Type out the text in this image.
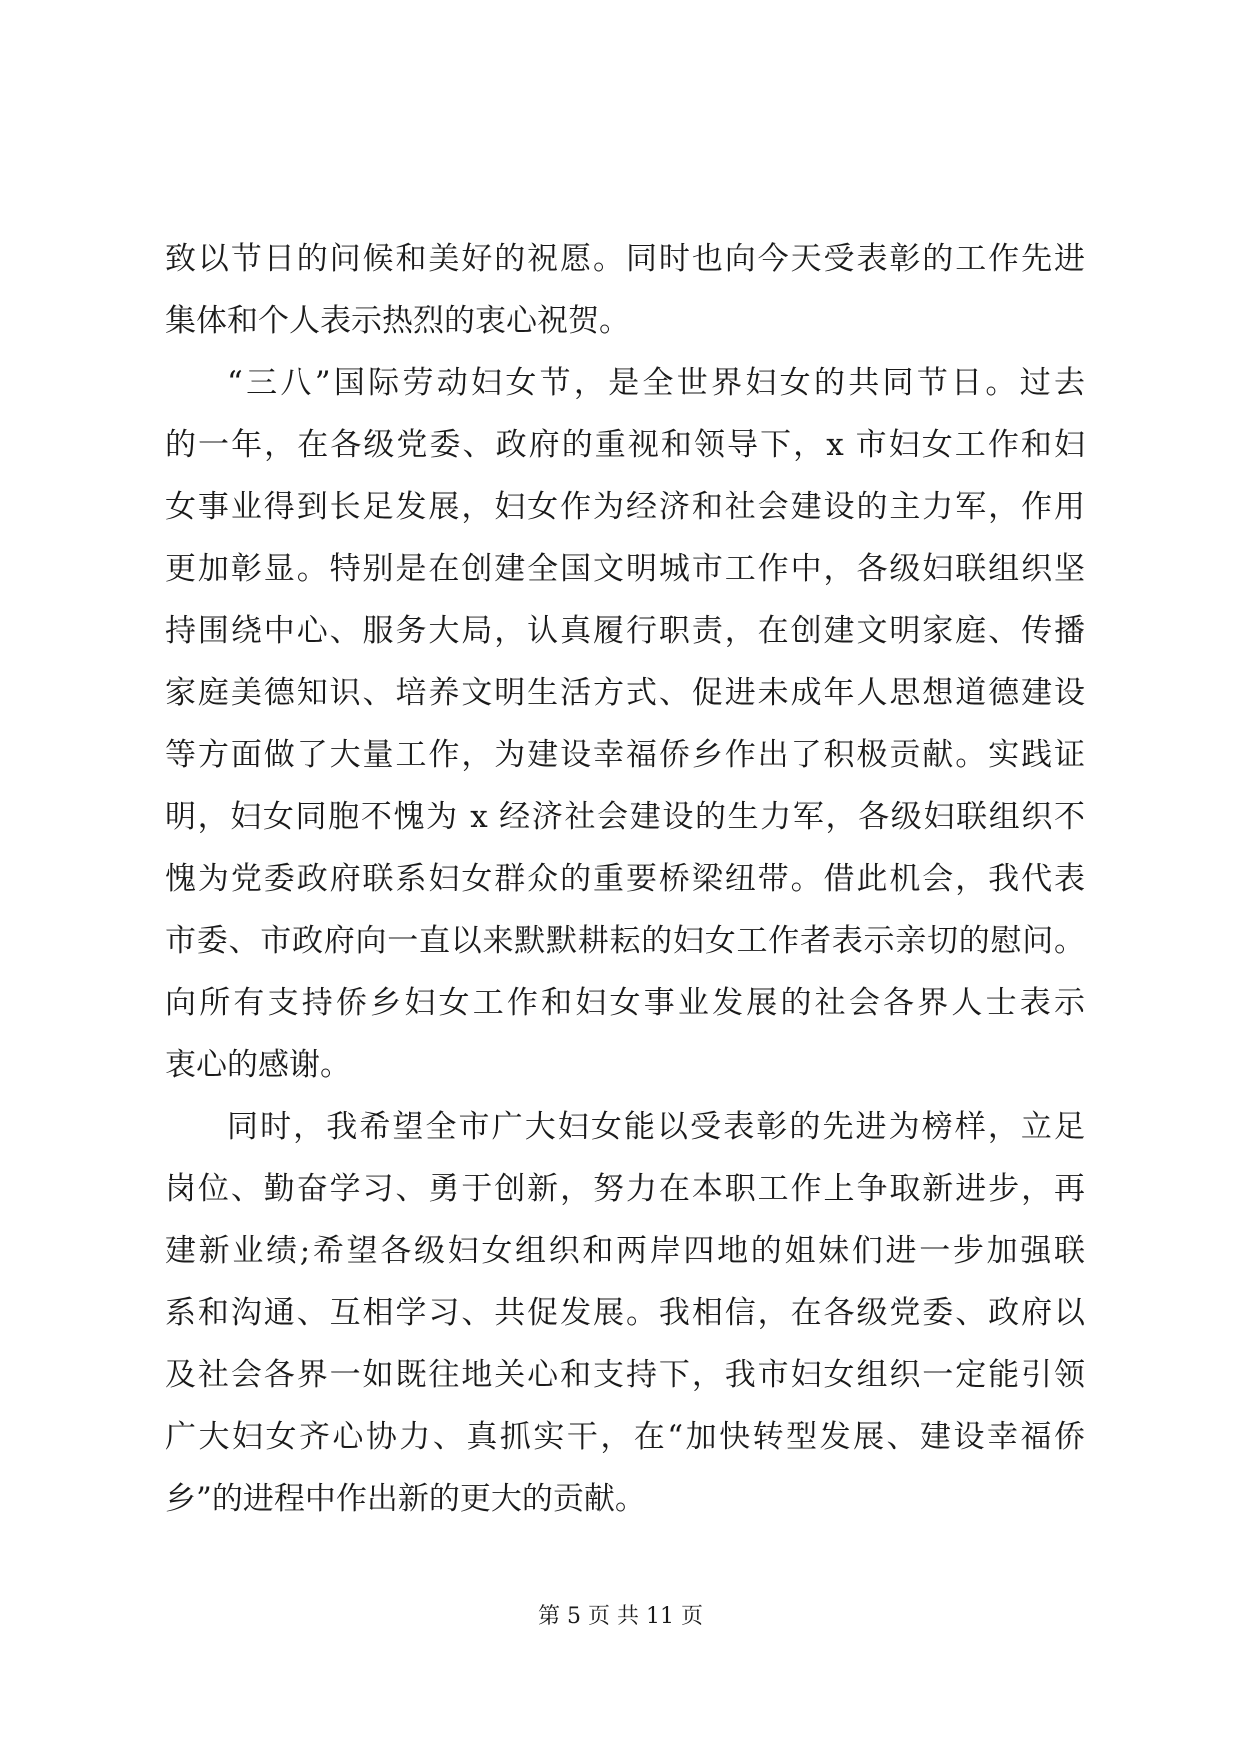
致以节日的问候和美好的祝愿。同时也向今天受表彰的工作先进
集体和个人表示热烈的衷心祝贺。
“三八”国际劳动妇女节，是全世界妇女的共同节日。过去
的一年，在各级党委、政府的重视和领导下，x 市妇女工作和妇
女事业得到长足发展，妇女作为经济和社会建设的主力军，作用
更加彰显。特别是在创建全国文明城市工作中，各级妇联组织坚
持围绕中心、服务大局，认真履行职责，在创建文明家庭、传播
家庭美德知识、培养文明生活方式、促进未成年人思想道德建设
等方面做了大量工作，为建设幸福侨乡作出了积极贡献。实践证
明，妇女同胞不愧为 x 经济社会建设的生力军，各级妇联组织不
愧为党委政府联系妇女群众的重要桥梁纽带。借此机会，我代表
市委、市政府向一直以来默默耕耘的妇女工作者表示亲切的慰问。
向所有支持侨乡妇女工作和妇女事业发展的社会各界人士表示
衷心的感谢。
同时，我希望全市广大妇女能以受表彰的先进为榜样，立足
岗位、勤奋学习、勇于创新，努力在本职工作上争取新进步，再
建新业绩;希望各级妇女组织和两岸四地的姐妹们进一步加强联
系和沟通、互相学习、共促发展。我相信，在各级党委、政府以
及社会各界一如既往地关心和支持下，我市妇女组织一定能引领
广大妇女齐心协力、真抓实干，在“加快转型发展、建设幸福侨
乡”的进程中作出新的更大的贡献。
第 5 页 共 11 页
